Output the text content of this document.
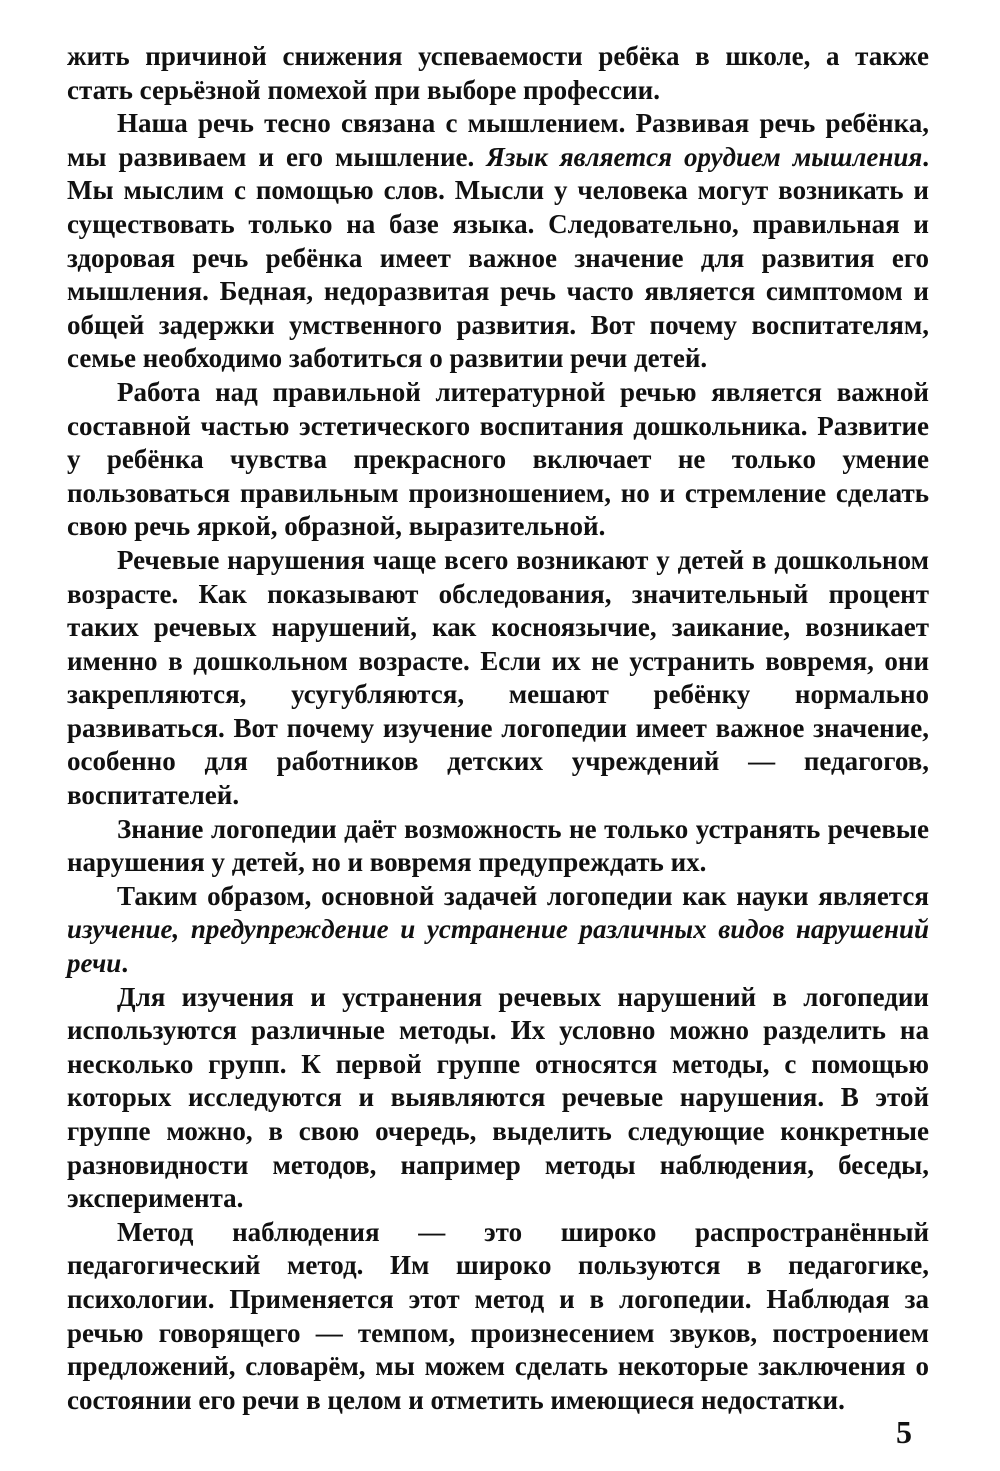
жить причиной снижения успеваемости ребёка в школе, а также стать серьёзной помехой при выборе профессии.

Наша речь тесно связана с мышлением. Развивая речь ребёнка, мы развиваем и его мышление. Язык является орудием мышления. Мы мыслим с помощью слов. Мысли у человека могут возникать и существовать только на базе языка. Следовательно, правильная и здоровая речь ребёнка имеет важное значение для развития его мышления. Бедная, недоразвитая речь часто является симптомом и общей задержки умственного развития. Вот почему воспитателям, семье необходимо заботиться о развитии речи детей.

Работа над правильной литературной речью является важной составной частью эстетического воспитания дошкольника. Развитие у ребёнка чувства прекрасного включает не только умение пользоваться правильным произношением, но и стремление сделать свою речь яркой, образной, выразительной.

Речевые нарушения чаще всего возникают у детей в дошкольном возрасте. Как показывают обследования, значительный процент таких речевых нарушений, как косноязычие, заикание, возникает именно в дошкольном возрасте. Если их не устранить вовремя, они закрепляются, усугубляются, мешают ребёнку нормально развиваться. Вот почему изучение логопедии имеет важное значение, особенно для работников детских учреждений — педагогов, воспитателей.

Знание логопедии даёт возможность не только устранять речевые нарушения у детей, но и вовремя предупреждать их.

Таким образом, основной задачей логопедии как науки является изучение, предупреждение и устранение различных видов нарушений речи.

Для изучения и устранения речевых нарушений в логопедии используются различные методы. Их условно можно разделить на несколько групп. К первой группе относятся методы, с помощью которых исследуются и выявляются речевые нарушения. В этой группе можно, в свою очередь, выделить следующие конкретные разновидности методов, например методы наблюдения, беседы, эксперимента.

Метод наблюдения — это широко распространённый педагогический метод. Им широко пользуются в педагогике, психологии. Применяется этот метод и в логопедии. Наблюдая за речью говорящего — темпом, произнесением звуков, построением предложений, словарём, мы можем сделать некоторые заключения о состоянии его речи в целом и отметить имеющиеся недостатки.

5
